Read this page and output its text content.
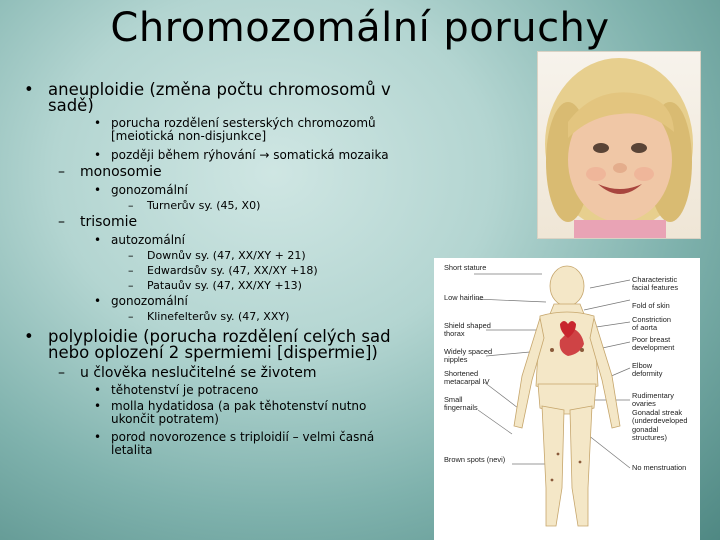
Chromozomální poruchy
• aneuploidie (změna počtu chromosomů v
sadě)
• porucha rozdělení sesterských chromozomů
[meiotická non-disjunkce]
• později během rýhování → somatická mozaika
–	monosomie
• gonozomální
–	Turnerův sy. (45, X0)
–	trisomie
• autozomální
–	Downův sy. (47, XX/XY + 21)
–	Edwardsův sy. (47, XX/XY +18)
–	Patauův sy. (47, XX/XY +13)
• gonozomální
–	Klinefelterův sy. (47, XXY)
• polyploidie (porucha rozdělení celých sad
nebo oplození 2 spermiemi [dispermie])
–	u člověka neslučitelné se životem
• těhotenství je potraceno
• molla hydatidosa (a pak těhotenství nutno
ukončit potratem)
• porod novorozence s triploidií – velmi časná
letalita
Short stature
Low hairline
Shield shaped
thorax
Widely spaced
nipples
Shortened
metacarpal IV
Small
fingernails
Brown spots (nevi)
Characteristic
facial features
Fold of skin
Constriction
of aorta
Poor breast
development
Elbow
deformity
Rudimentary
ovaries
Gonadal streak
(underdeveloped
gonadal
structures)
No menstruation
